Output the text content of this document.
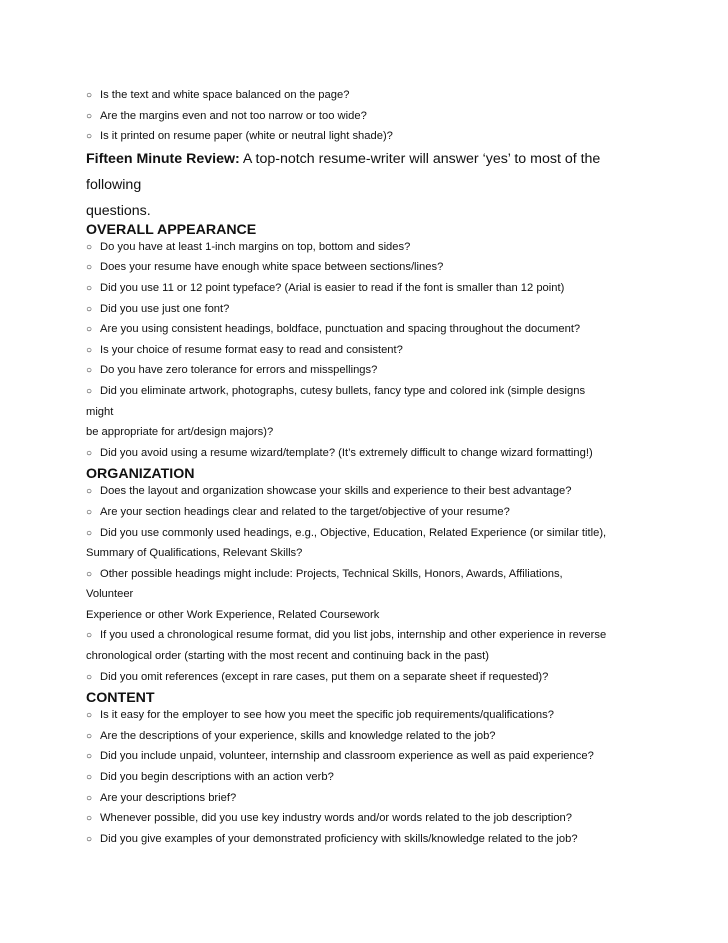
○ Is the text and white space balanced on the page?
○ Are the margins even and not too narrow or too wide?
○ Is it printed on resume paper (white or neutral light shade)?
Fifteen Minute Review: A top-notch resume-writer will answer ‘yes’ to most of the
following
questions.
OVERALL APPEARANCE
○ Do you have at least 1-inch margins on top, bottom and sides?
○ Does your resume have enough white space between sections/lines?
○ Did you use 11 or 12 point typeface? (Arial is easier to read if the font is smaller than 12 point)
○ Did you use just one font?
○ Are you using consistent headings, boldface, punctuation and spacing throughout the document?
○ Is your choice of resume format easy to read and consistent?
○ Do you have zero tolerance for errors and misspellings?
○ Did you eliminate artwork, photographs, cutesy bullets, fancy type and colored ink (simple designs
might
be appropriate for art/design majors)?
○ Did you avoid using a resume wizard/template? (It’s extremely difficult to change wizard formatting!)
ORGANIZATION
○ Does the layout and organization showcase your skills and experience to their best advantage?
○ Are your section headings clear and related to the target/objective of your resume?
○ Did you use commonly used headings, e.g., Objective, Education, Related Experience (or similar title),
Summary of Qualifications, Relevant Skills?
○ Other possible headings might include: Projects, Technical Skills, Honors, Awards, Affiliations,
Volunteer
Experience or other Work Experience, Related Coursework
○ If you used a chronological resume format, did you list jobs, internship and other experience in reverse
chronological order (starting with the most recent and continuing back in the past)
○ Did you omit references (except in rare cases, put them on a separate sheet if requested)?
CONTENT
○ Is it easy for the employer to see how you meet the specific job requirements/qualifications?
○ Are the descriptions of your experience, skills and knowledge related to the job?
○ Did you include unpaid, volunteer, internship and classroom experience as well as paid experience?
○ Did you begin descriptions with an action verb?
○ Are your descriptions brief?
○ Whenever possible, did you use key industry words and/or words related to the job description?
○ Did you give examples of your demonstrated proficiency with skills/knowledge related to the job?
